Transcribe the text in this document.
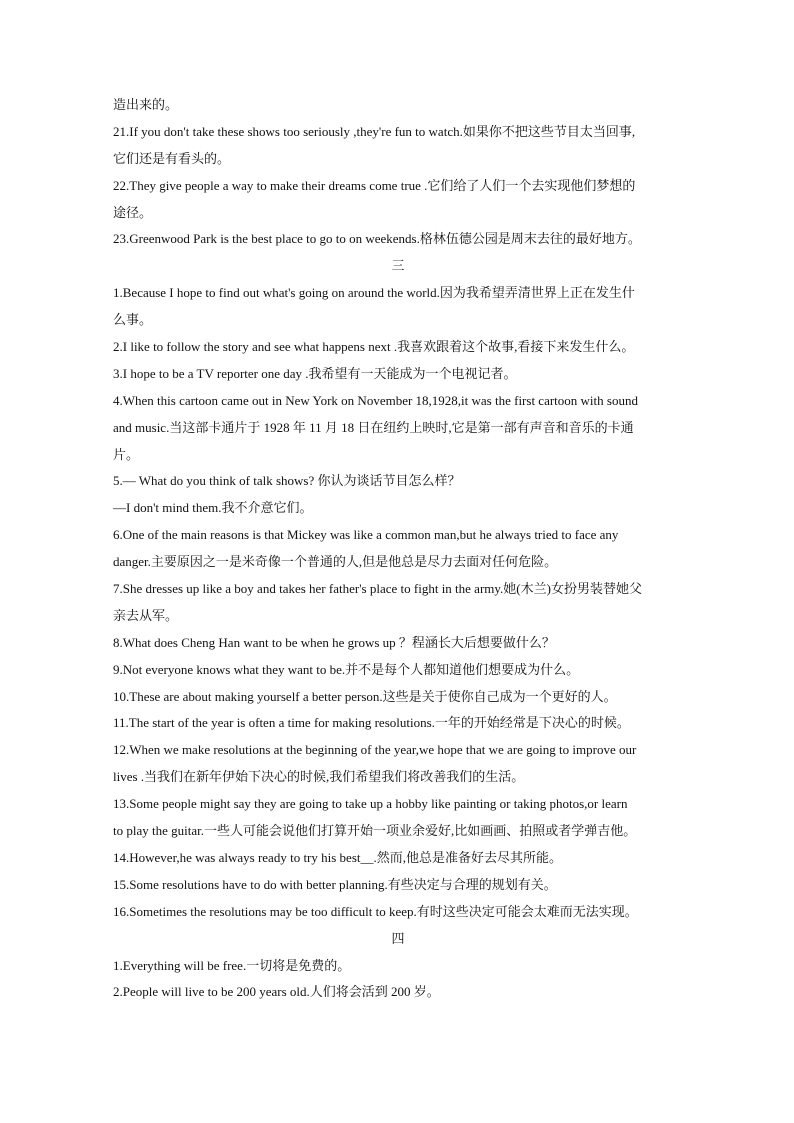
造出来的。
21.If you don't take these shows too seriously ,they're fun to watch.如果你不把这些节目太当回事,
它们还是有看头的。
22.They give people a way to make their dreams come true .它们给了人们一个去实现他们梦想的
途径。
23.Greenwood Park is the best place to go to on weekends.格林伍德公园是周末去往的最好地方。
三
1.Because I hope to find out what's going on around the world.因为我希望弄清世界上正在发生什
么事。
2.I like to follow the story and see what happens next .我喜欢跟着这个故事,看接下来发生什么。
3.I hope to be a TV reporter one day .我希望有一天能成为一个电视记者。
4.When this cartoon came out in New York on November 18,1928,it was the first cartoon with sound
and music.当这部卡通片于 1928 年 11 月 18 日在纽约上映时,它是第一部有声音和音乐的卡通
片。
5.— What do you think of talk shows? 你认为谈话节目怎么样？
—I don't mind them.我不介意它们。
6.One of the main reasons is that Mickey was like a common man,but he always tried to face any
danger.主要原因之一是米奇像一个普通的人,但是他总是尽力去面对任何危险。
7.She dresses up like a boy and takes her father's place to fight in the army.她(木兰)女扮男装替她父
亲去从军。
8.What does Cheng Han want to be when he grows up ？程涵长大后想要做什么？
9.Not everyone knows what they want to be.并不是每个人都知道他们想要成为什么。
10.These are about making yourself a better person.这些是关于使你自己成为一个更好的人。
11.The start of the year is often a time for making resolutions.一年的开始经常是下决心的时候。
12.When we make resolutions at the beginning of the year,we hope that we are going to improve our
lives .当我们在新年伊始下决心的时候,我们希望我们将改善我们的生活。
13.Some people might say they are going to take up a hobby like painting or taking photos,or learn
to play the guitar.一些人可能会说他们打算开始一项业余爱好,比如画画、拍照或者学弹吉他。
14.However,he was always ready to try his best__.然而,他总是准备好去尽其所能。
15.Some resolutions have to do with better planning.有些决定与合理的规划有关。
16.Sometimes the resolutions may be too difficult to keep.有时这些决定可能会太难而无法实现。
四
1.Everything will be free.一切将是免费的。
2.People will live to be 200 years old.人们将会活到 200 岁。
